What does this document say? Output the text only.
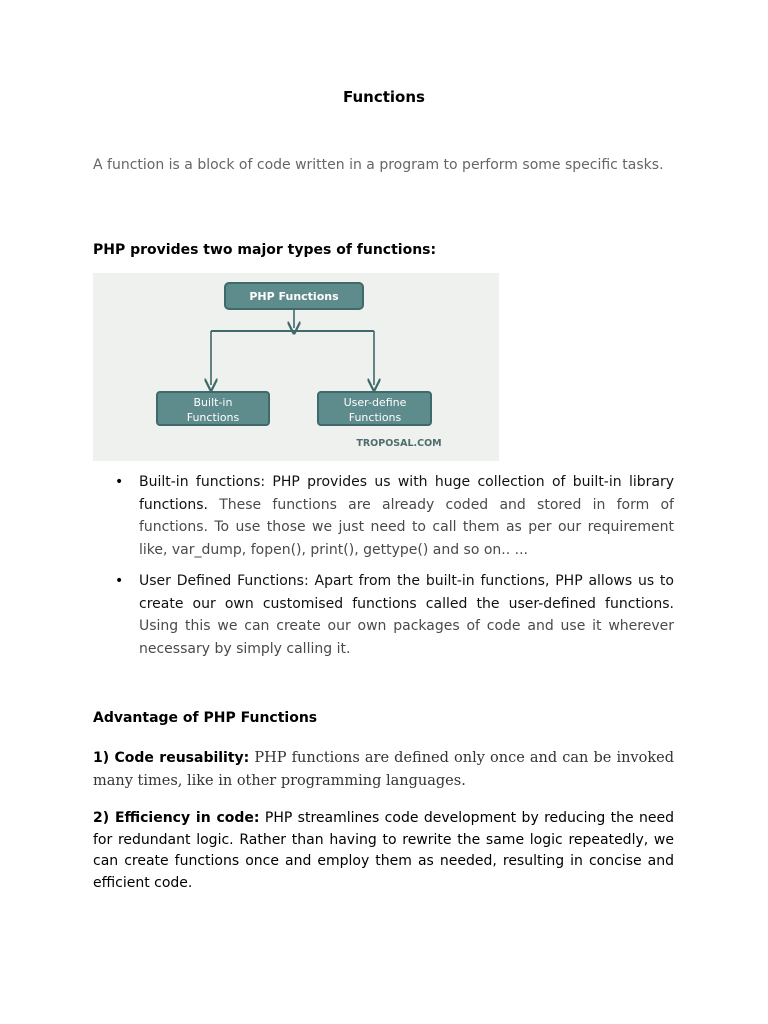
Functions
A function is a block of code written in a program to perform some specific tasks.
PHP provides two major types of functions:
PHP Functions
Built-in
Functions
User-define
Functions
TROPOSAL.COM
• Built-in functions: PHP provides us with huge collection of built-in library functions. These functions are already coded and stored in form of functions. To use those we just need to call them as per our requirement like, var_dump, fopen(), print(), gettype() and so on.. ...
• User Defined Functions: Apart from the built-in functions, PHP allows us to create our own customised functions called the user-defined functions. Using this we can create our own packages of code and use it wherever necessary by simply calling it.
Advantage of PHP Functions
1) Code reusability: PHP functions are defined only once and can be invoked many times, like in other programming languages.
2) Efficiency in code: PHP streamlines code development by reducing the need for redundant logic. Rather than having to rewrite the same logic repeatedly, we can create functions once and employ them as needed, resulting in concise and efficient code.
